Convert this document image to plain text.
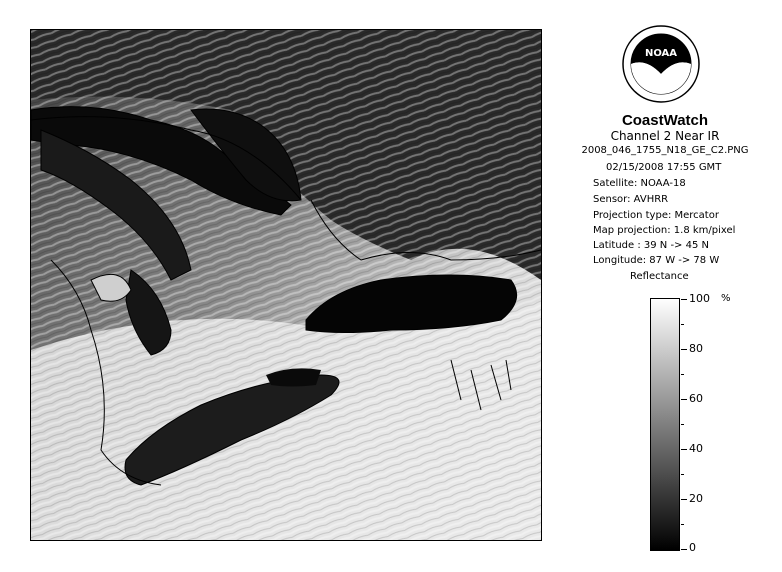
NOAA
CoastWatch
Channel 2 Near IR
2008_046_1755_N18_GE_C2.PNG
02/15/2008 17:55 GMT
Satellite: NOAA-18
Sensor: AVHRR
Projection type: Mercator
Map projection: 1.8 km/pixel
Latitude : 39 N -> 45 N
Longitude: 87 W -> 78 W
Reflectance
%
100
80
60
40
20
0
